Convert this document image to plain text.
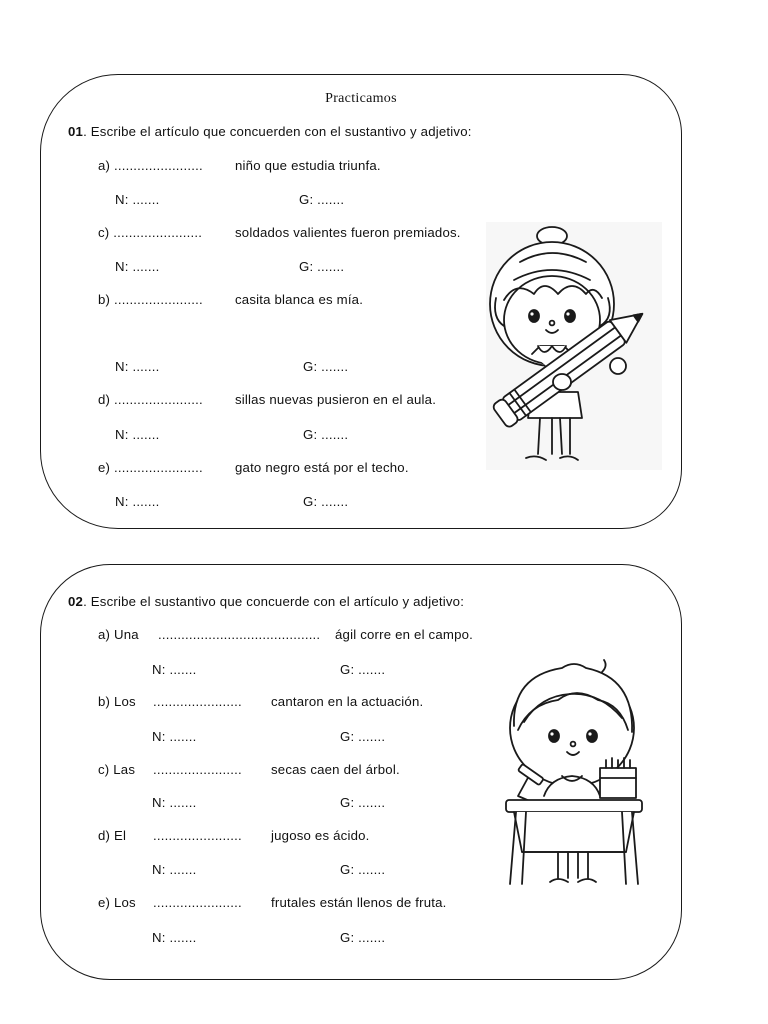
Practicamos
01. Escribe el artículo que concuerden con el sustantivo y adjetivo:
a) ....................... niño que estudia triunfa.
N: .......	G: .......
c) ....................... soldados valientes fueron premiados.
N: .......	G: .......
b) ....................... casita blanca es mía.
N: .......	G: .......
d) ....................... sillas nuevas pusieron en el aula.
N: .......	G: .......
e) ....................... gato negro está por el techo.
N: .......	G: .......
02. Escribe el sustantivo que concuerde con el artículo y adjetivo:
a) Una .......................................... ágil corre en el campo.
N: .......	G: .......
b) Los ....................... cantaron en la actuación.
N: .......	G: .......
c) Las ....................... secas caen del árbol.
N: .......	G: .......
d) El ....................... jugoso es ácido.
N: .......	G: .......
e) Los ....................... frutales están llenos de fruta.
N: .......	G: .......
